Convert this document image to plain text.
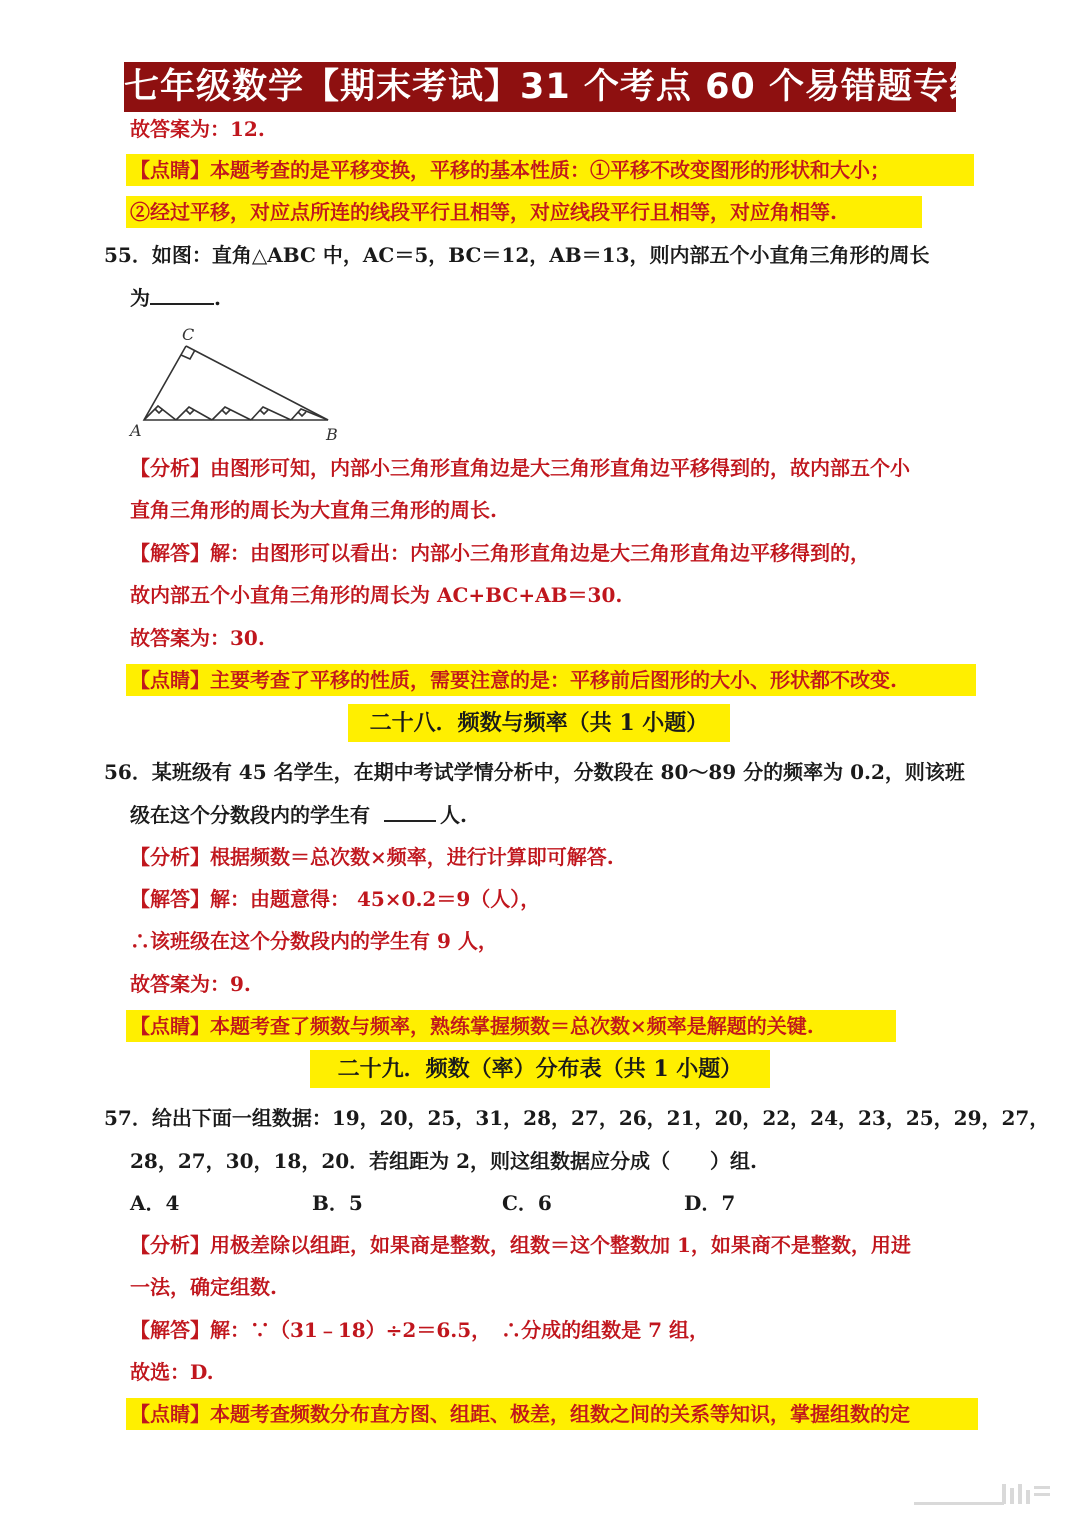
七年级数学【期末考试】31 个考点 60 个易错题专练
故答案为：12.
【点睛】本题考查的是平移变换，平移的基本性质：①平移不改变图形的形状和大小；
②经过平移，对应点所连的线段平行且相等，对应线段平行且相等，对应角相等.
55．如图：直角△ABC 中，AC＝5，BC＝12，AB＝13，则内部五个小直角三角形的周长
为	.
C
A	B
【分析】由图形可知，内部小三角形直角边是大三角形直角边平移得到的，故内部五个小
直角三角形的周长为大直角三角形的周长.
【解答】解：由图形可以看出：内部小三角形直角边是大三角形直角边平移得到的，
故内部五个小直角三角形的周长为 AC+BC+AB＝30.
故答案为：30.
【点睛】主要考查了平移的性质，需要注意的是：平移前后图形的大小、形状都不改变.
二十八．频数与频率（共 1 小题）
56．某班级有 45 名学生，在期中考试学情分析中，分数段在 80～89 分的频率为 0.2，则该班
级在这个分数段内的学生有	人.
【分析】根据频数＝总次数×频率，进行计算即可解答.
【解答】解：由题意得： 45×0.2＝9（人），
∴该班级在这个分数段内的学生有 9 人，
故答案为：9.
【点睛】本题考查了频数与频率，熟练掌握频数＝总次数×频率是解题的关键.
二十九．频数（率）分布表（共 1 小题）
57．给出下面一组数据：19，20，25，31，28，27，26，21，20，22，24，23，25，29，27，
28，27，30，18，20．若组距为 2，则这组数据应分成（　　）组.
A．4	B．5	C．6	D．7
【分析】用极差除以组距，如果商是整数，组数＝这个整数加 1，如果商不是整数，用进
一法，确定组数.
【解答】解：∵（31﹣18）÷2＝6.5，　∴分成的组数是 7 组，
故选：D.
【点睛】本题考查频数分布直方图、组距、极差，组数之间的关系等知识，掌握组数的定
